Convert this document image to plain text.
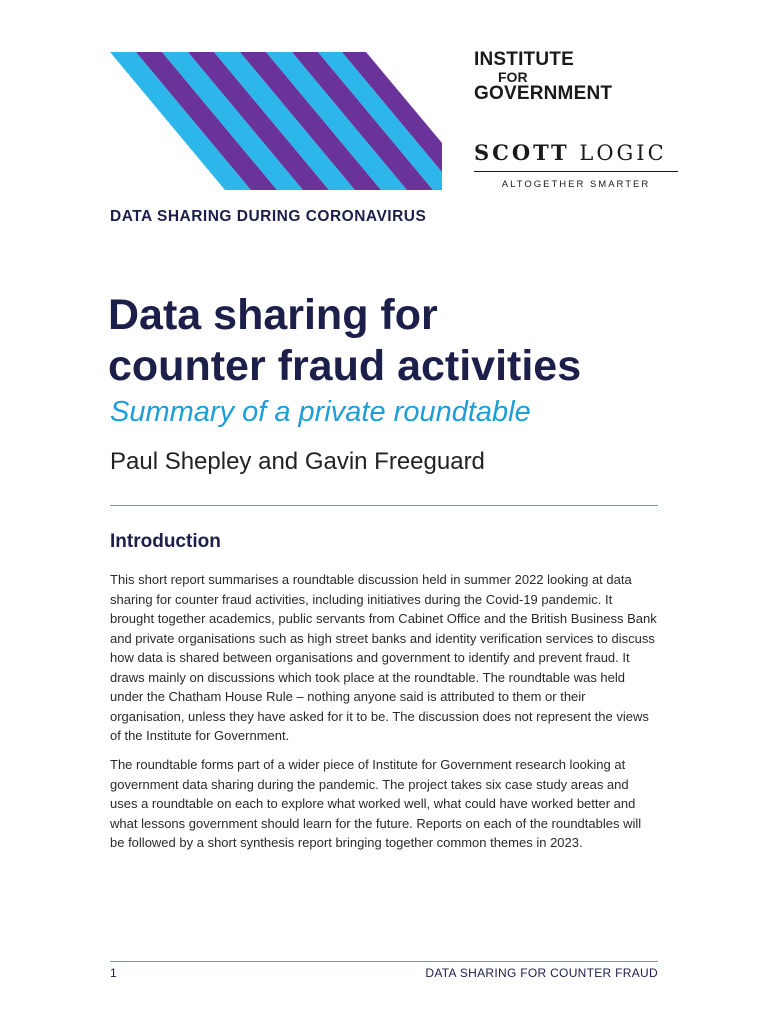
INSTITUTE
FOR
GOVERNMENT
SCOTT LOGIC
ALTOGETHER SMARTER
DATA SHARING DURING CORONAVIRUS
Data sharing for
counter fraud activities
Summary of a private roundtable
Paul Shepley and Gavin Freeguard
Introduction

This short report summarises a roundtable discussion held in summer 2022 looking at data sharing for counter fraud activities, including initiatives during the Covid-19 pandemic. It brought together academics, public servants from Cabinet Office and the British Business Bank and private organisations such as high street banks and identity verification services to discuss how data is shared between organisations and government to identify and prevent fraud. It draws mainly on discussions which took place at the roundtable. The roundtable was held under the Chatham House Rule – nothing anyone said is attributed to them or their organisation, unless they have asked for it to be. The discussion does not represent the views of the Institute for Government.

The roundtable forms part of a wider piece of Institute for Government research looking at government data sharing during the pandemic. The project takes six case study areas and uses a roundtable on each to explore what worked well, what could have worked better and what lessons government should learn for the future. Reports on each of the roundtables will be followed by a short synthesis report bringing together common themes in 2023.

1	DATA SHARING FOR COUNTER FRAUD
